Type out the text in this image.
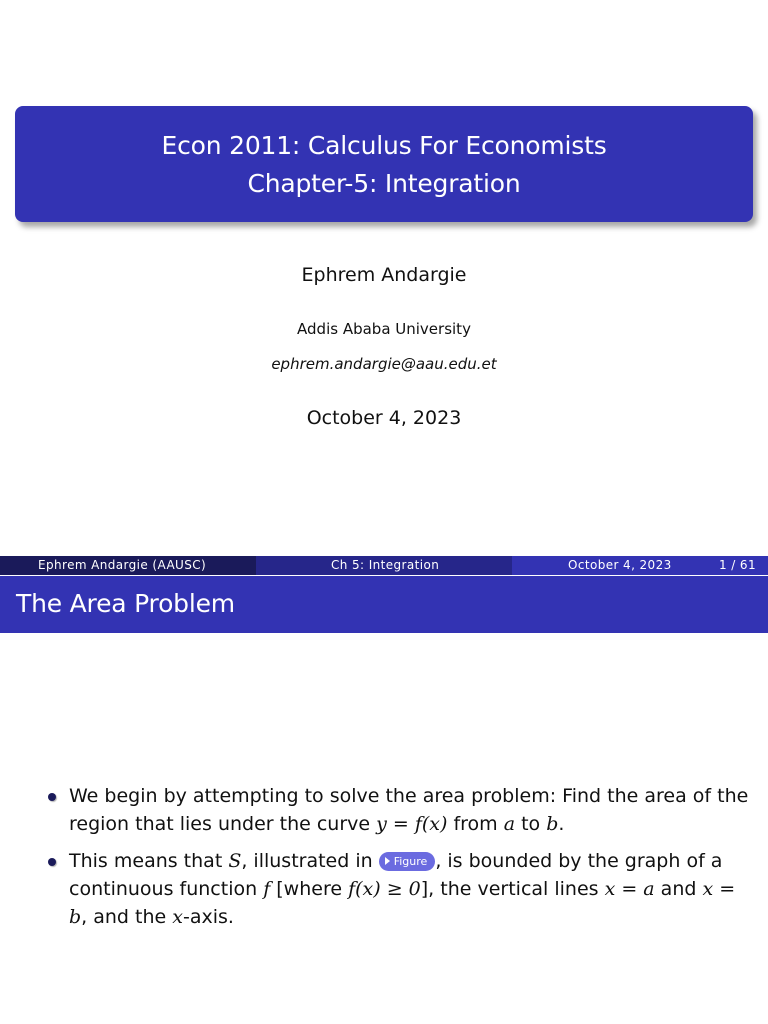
Econ 2011: Calculus For Economists
Chapter-5: Integration
Ephrem Andargie
Addis Ababa University
ephrem.andargie@aau.edu.et
October 4, 2023
Ephrem Andargie (AAUSC)	Ch 5: Integration	October 4, 2023	1 / 61
The Area Problem
We begin by attempting to solve the area problem: Find the area of the region that lies under the curve y = f(x) from a to b.
This means that S, illustrated in Figure , is bounded by the graph of a continuous function f [where f(x) ≥ 0], the vertical lines x = a and x = b, and the x-axis.
